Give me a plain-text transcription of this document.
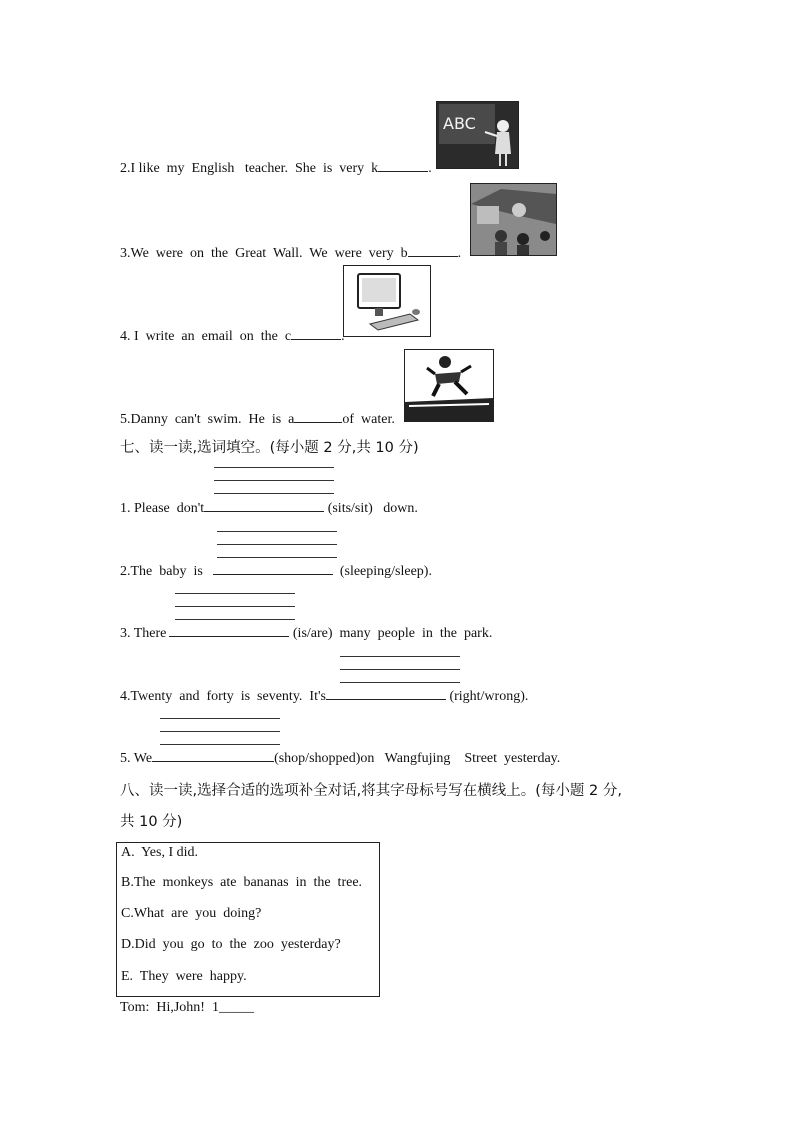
ABC
2.I like  my  English   teacher.  She  is  very  k	.
3.We  were  on  the  Great  Wall.  We  were  very  b	.
4. I  write  an  email  on  the  c	.
5.Danny  can't  swim.  He  is  a	of  water.
七、读一读,选词填空。(每小题 2 分,共 10 分)
1. Please  don't	(sits/sit)   down.
2.The  baby  is	(sleeping/sleep).
3. There	(is/are)  many  people  in  the  park.
4.Twenty  and  forty  is  seventy.  It's	(right/wrong).
5. We	(shop/shopped)on   Wangfujing    Street  yesterday.
八、读一读,选择合适的选项补全对话,将其字母标号写在横线上。(每小题 2 分,
共 10 分)
A.  Yes, I did.
B.The  monkeys  ate  bananas  in  the  tree.
C.What  are  you  doing?
D.Did  you  go  to  the  zoo  yesterday?
E.  They  were  happy.
Tom:  Hi,John!  1_____
